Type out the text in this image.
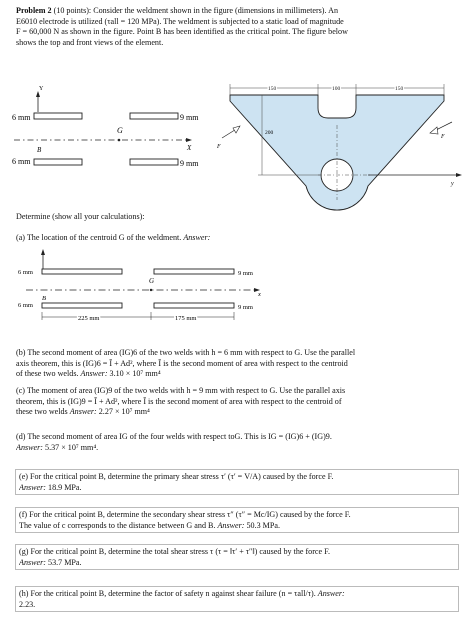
Problem 2 (10 points): Consider the weldment shown in the figure (dimensions in millimeters). An
E6010 electrode is utilized (τall = 120 MPa). The weldment is subjected to a static load of magnitude
F = 60,000 N as shown in the figure. Point B has been identified as the critical point. The figure below
shows the top and front views of the element.
Y
6 mm	9 mm
G
X
B
6 mm	9 mm
y
150	100	150
200
F
F
Determine (show all your calculations):
(a) The location of the centroid G of the weldment. Answer:
6 mm	9 mm
G
x
B
6 mm	9 mm
225 mm	175 mm
(b) The second moment of area (IG)6 of the two welds with h = 6 mm with respect to G. Use the parallel
axis theorem, this is (IG)6 = Ī + Ad², where Ī is the second moment of area with respect to the centroid
of these two welds. Answer: 3.10 × 10⁷ mm⁴
(c) The moment of area (IG)9 of the two welds with h = 9 mm with respect to G. Use the parallel axis
theorem, this is (IG)9 = Ī + Ad², where Ī is the second moment of area with respect to the centroid of
these two welds Answer: 2.27 × 10⁷ mm⁴
(d) The second moment of area IG of the four welds with respect toG. This is IG = (IG)6 + (IG)9.
Answer: 5.37 × 10⁷ mm⁴.
(e) For the critical point B, determine the primary shear stress τ′ (τ′ = V/A) caused by the force F.
Answer: 18.9 MPa.
(f) For the critical point B, determine the secondary shear stress τ″ (τ″ = Mc/IG) caused by the force F.
The value of c corresponds to the distance between G and B. Answer: 50.3 MPa.
(g) For the critical point B, determine the total shear stress τ (τ = ‖τ′ + τ″‖) caused by the force F.
Answer: 53.7 MPa.
(h) For the critical point B, determine the factor of safety n against shear failure (n = τall/τ). Answer:
2.23.
